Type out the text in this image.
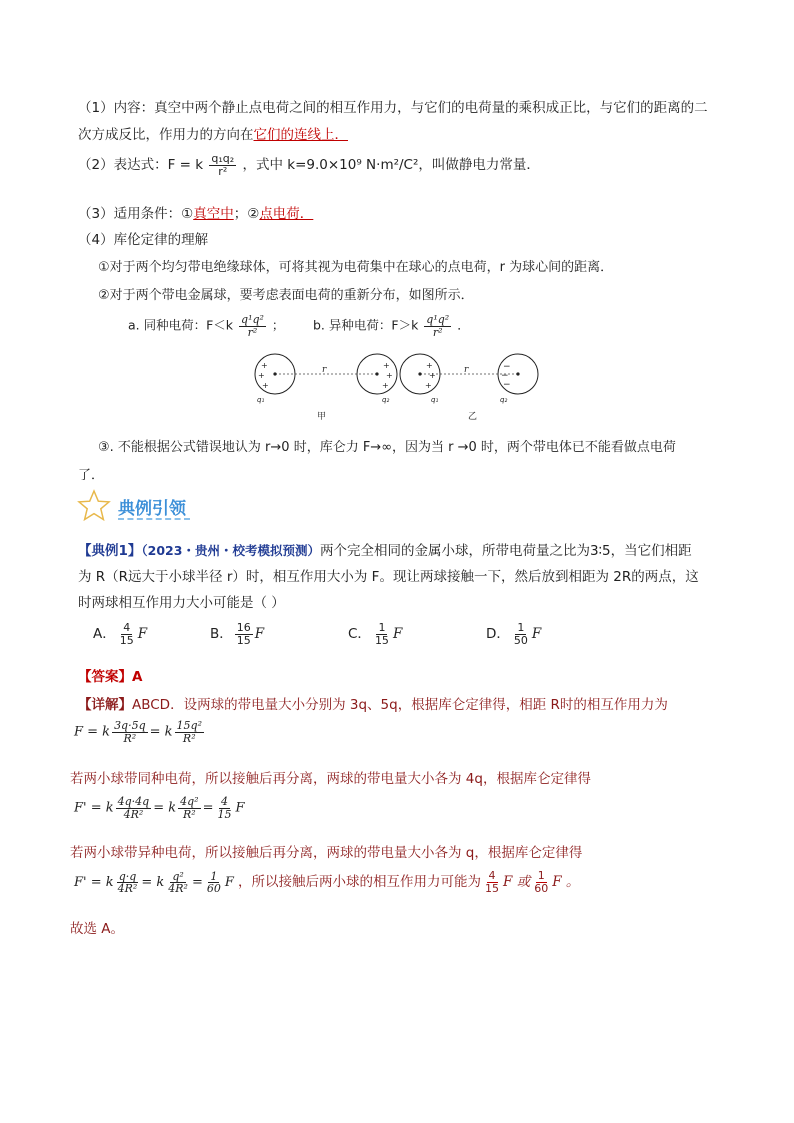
（1）内容：真空中两个静止点电荷之间的相互作用力，与它们的电荷量的乘积成正比，与它们的距离的二
次方成反比，作用力的方向在它们的连线上．
（2）表达式：F = k $\frac{\text{q₁q₂}}{\text{r²}}$ ，式中 k=9.0×10⁹ N·m²/C²，叫做静电力常量．
（3）适用条件：①真空中；②点电荷．
（4）库伦定律的理解
①对于两个均匀带电绝缘球体，可将其视为电荷集中在球心的点电荷，r 为球心间的距离．
②对于两个带电金属球，要考虑表面电荷的重新分布，如图所示．
a. 同种电荷：$F<k \frac{\text{q¹q²}}{\text{r²}}$ ； b. 异种电荷：$F>k \frac{\text{q¹q²}}{\text{r²}}$ ．
+
+
+
+
+
+
+
+
+
−
−
−
r	r
q₁	q₂	q₁	q₂
甲	乙
③. 不能根据公式错误地认为 r→0 时，库仑力 F→∞，因为当 r →0 时，两个带电体已不能看做点电荷
了．
典例引领
【典例1】（2023・贵州・校考模拟预测）两个完全相同的金属小球，所带电荷量之比为3∶5，当它们相距
为 R（R远大于小球半径 r）时，相互作用大小为 F。现让两球接触一下，然后放到相距为 2R的两点，这
时两球相互作用力大小可能是（ ）
A． $\frac{4}{15}$ F	B． $\frac{16}{15}$ F	C． $\frac{1}{15}$ F	D． $\frac{1}{50}$ F
【答案】A
【详解】ABCD．设两球的带电量大小分别为 3q、5q，根据库仑定律得，相距 R时的相互作用力为
F = k $\frac{3q\cdot 5q}{\text{R²}} = k \frac{\text{15q²}}{\text{R²}}$
若两小球带同种电荷，所以接触后再分离，两球的带电量大小各为 4q，根据库仑定律得
F' = k $\frac{4q\cdot 4q}{\text{4R²}} = k \frac{\text{4q²}}{\text{R²}} = \frac{4}{15}$ F
若两小球带异种电荷，所以接触后再分离，两球的带电量大小各为 q，根据库仑定律得
F' = k $\frac{q\cdot q}{\text{4R²}} = k \frac{\text{q²}}{\text{4R²}} = \frac{1}{60}$ F ，所以接触后两小球的相互作用力可能为 $\frac{4}{15}$ F 或 $\frac{1}{60}$ F 。
故选 A。
